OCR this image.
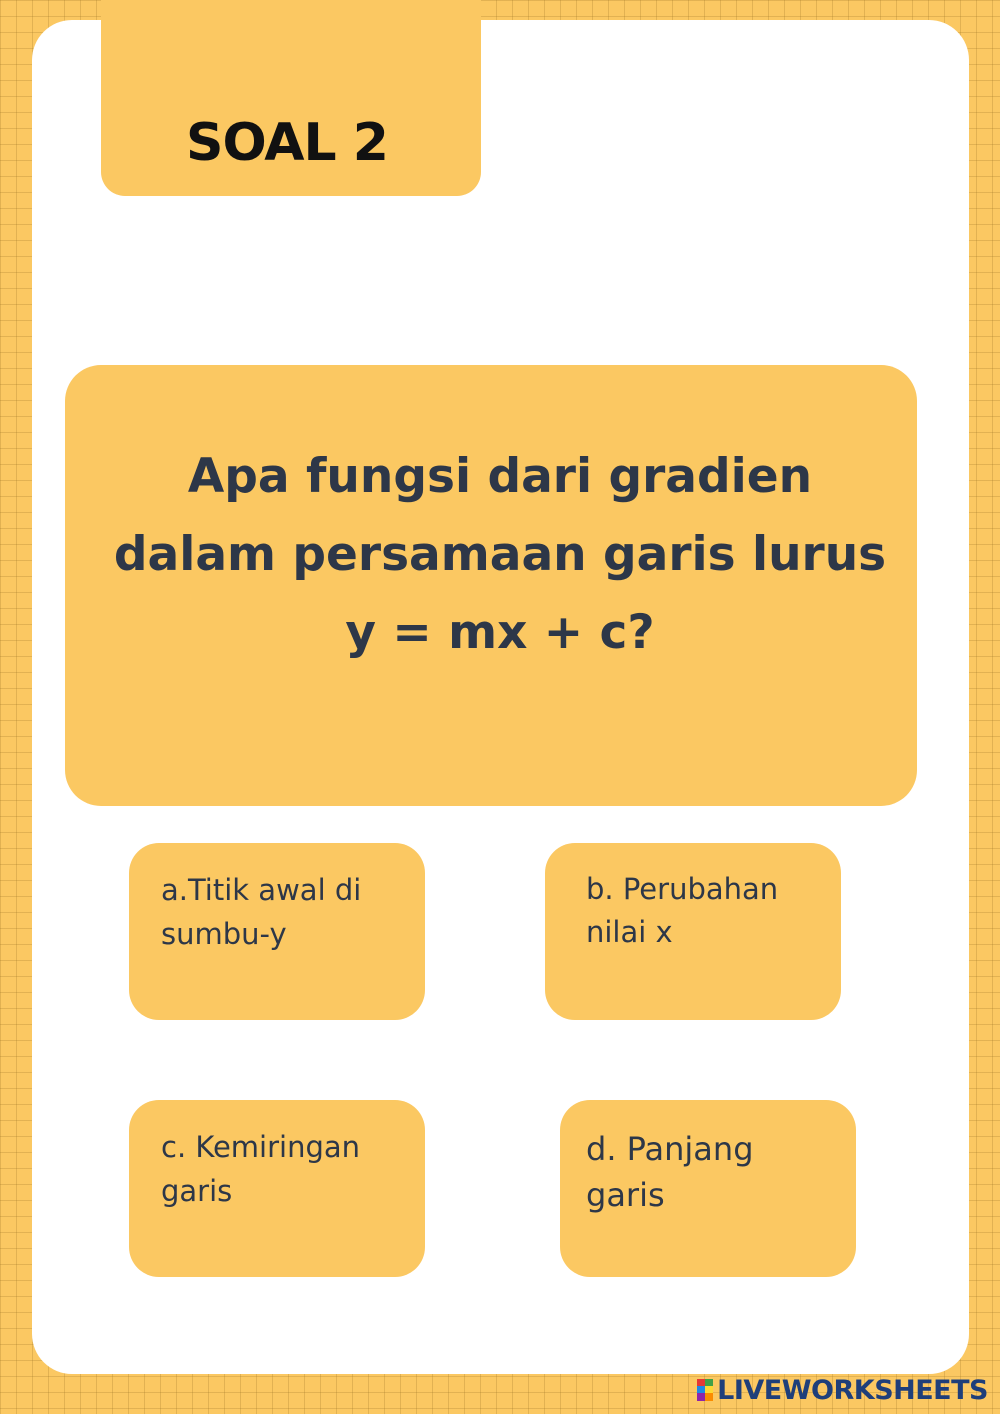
SOAL 2
Apa fungsi dari gradien dalam persamaan garis lurus y = mx + c?
a.Titik awal di sumbu-y
b. Perubahan nilai x
c. Kemiringan garis
d. Panjang garis
LIVEWORKSHEETS
